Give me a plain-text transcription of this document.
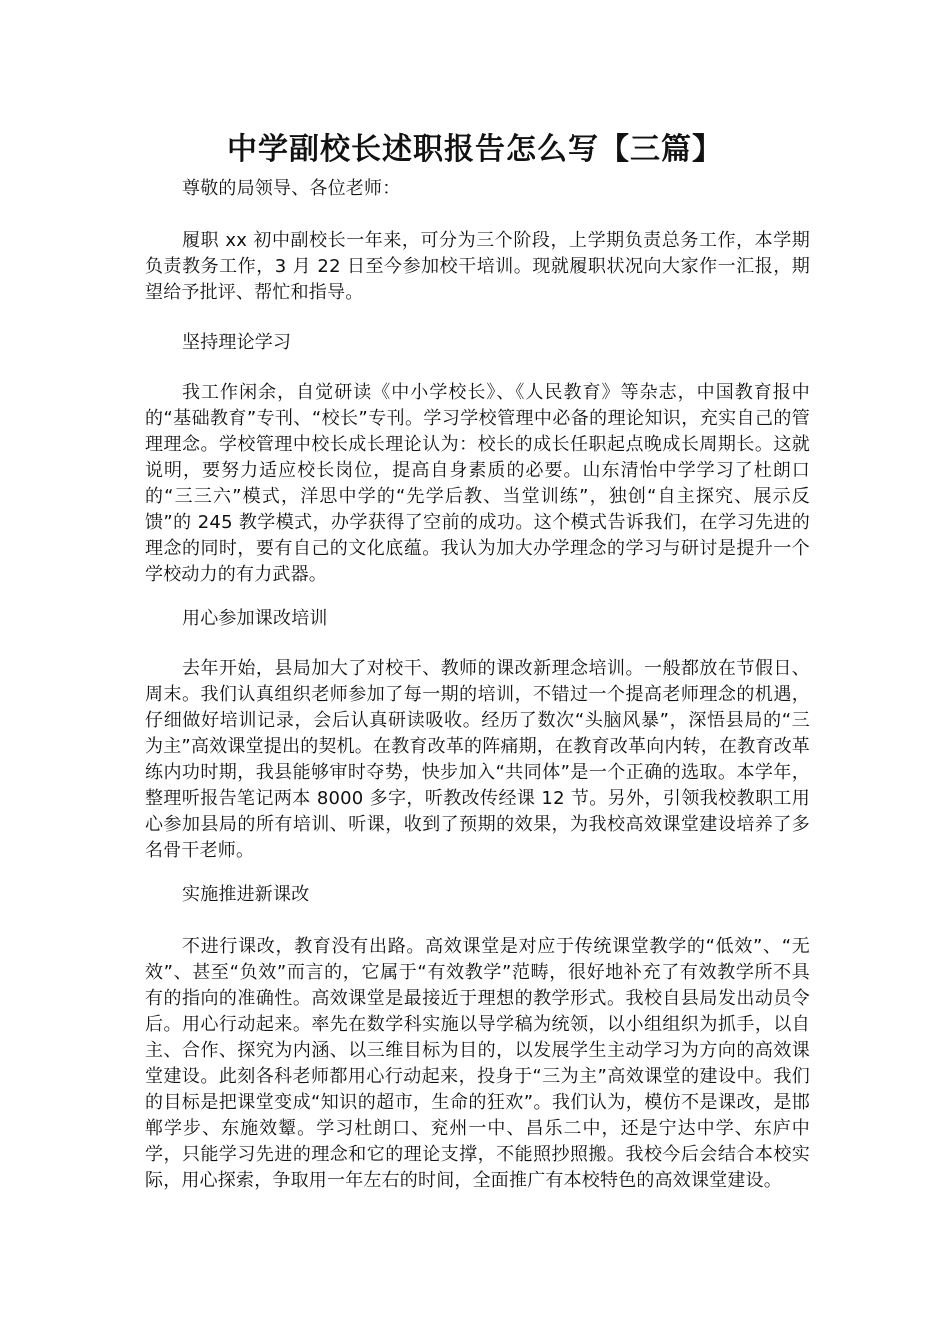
中学副校长述职报告怎么写【三篇】

尊敬的局领导、各位老师：

履职 xx 初中副校长一年来，可分为三个阶段，上学期负责总务工作，本学期负责教务工作，3 月 22 日至今参加校干培训。现就履职状况向大家作一汇报，期望给予批评、帮忙和指导。

坚持理论学习

我工作闲余，自觉研读《中小学校长》、《人民教育》等杂志，中国教育报中的“基础教育”专刊、“校长”专刊。学习学校管理中必备的理论知识，充实自己的管理理念。学校管理中校长成长理论认为：校长的成长任职起点晚成长周期长。这就说明，要努力适应校长岗位，提高自身素质的必要。山东清怡中学学习了杜朗口的“三三六”模式，洋思中学的“先学后教、当堂训练”，独创“自主探究、展示反馈”的 245 教学模式，办学获得了空前的成功。这个模式告诉我们，在学习先进的理念的同时，要有自己的文化底蕴。我认为加大办学理念的学习与研讨是提升一个学校动力的有力武器。

用心参加课改培训

去年开始，县局加大了对校干、教师的课改新理念培训。一般都放在节假日、周末。我们认真组织老师参加了每一期的培训，不错过一个提高老师理念的机遇，仔细做好培训记录，会后认真研读吸收。经历了数次“头脑风暴”，深悟县局的“三为主”高效课堂提出的契机。在教育改革的阵痛期，在教育改革向内转，在教育改革练内功时期，我县能够审时夺势，快步加入“共同体”是一个正确的选取。本学年，整理听报告笔记两本 8000 多字，听教改传经课 12 节。另外，引领我校教职工用心参加县局的所有培训、听课，收到了预期的效果，为我校高效课堂建设培养了多名骨干老师。

实施推进新课改

不进行课改，教育没有出路。高效课堂是对应于传统课堂教学的“低效”、“无效”、甚至“负效”而言的，它属于“有效教学”范畴，很好地补充了有效教学所不具有的指向的准确性。高效课堂是最接近于理想的教学形式。我校自县局发出动员令后。用心行动起来。率先在数学科实施以导学稿为统领，以小组组织为抓手，以自主、合作、探究为内涵、以三维目标为目的，以发展学生主动学习为方向的高效课堂建设。此刻各科老师都用心行动起来，投身于“三为主”高效课堂的建设中。我们的目标是把课堂变成“知识的超市，生命的狂欢”。我们认为，模仿不是课改，是邯郸学步、东施效颦。学习杜朗口、兖州一中、昌乐二中，还是宁达中学、东庐中学，只能学习先进的理念和它的理论支撑，不能照抄照搬。我校今后会结合本校实际，用心探索，争取用一年左右的时间，全面推广有本校特色的高效课堂建设。
